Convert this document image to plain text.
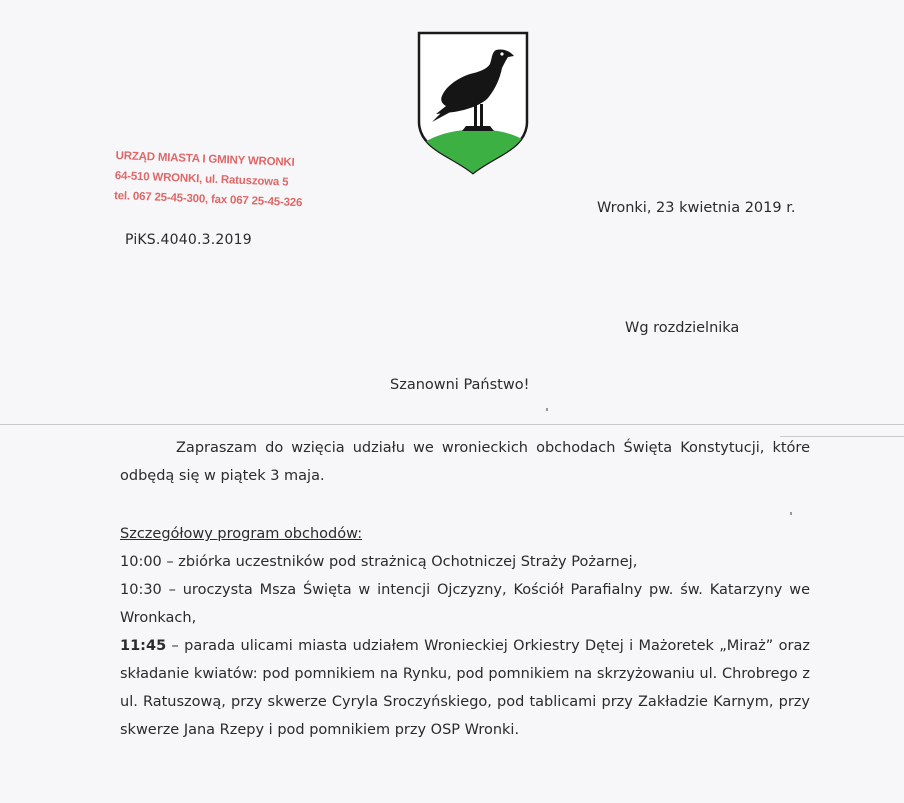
URZĄD MIASTA I GMINY WRONKI
64-510 WRONKI, ul. Ratuszowa 5
tel. 067 25-45-300, fax 067 25-45-326
PiKS.4040.3.2019
Wronki, 23 kwietnia 2019 r.
Wg rozdzielnika
Szanowni Państwo!
Zapraszam do wzięcia udziału we wronieckich obchodach Święta Konstytucji, które odbędą się w piątek 3 maja.
Szczegółowy program obchodów:
10:00 – zbiórka uczestników pod strażnicą Ochotniczej Straży Pożarnej,
10:30 – uroczysta Msza Święta w intencji Ojczyzny, Kościół Parafialny pw. św. Katarzyny we Wronkach,
11:45 – parada ulicami miasta udziałem Wronieckiej Orkiestry Dętej i Mażoretek „Miraż” oraz składanie kwiatów: pod pomnikiem na Rynku, pod pomnikiem na skrzyżowaniu ul. Chrobrego z ul. Ratuszową, przy skwerze Cyryla Sroczyńskiego, pod tablicami przy Zakładzie Karnym, przy skwerze Jana Rzepy i pod pomnikiem przy OSP Wronki.
